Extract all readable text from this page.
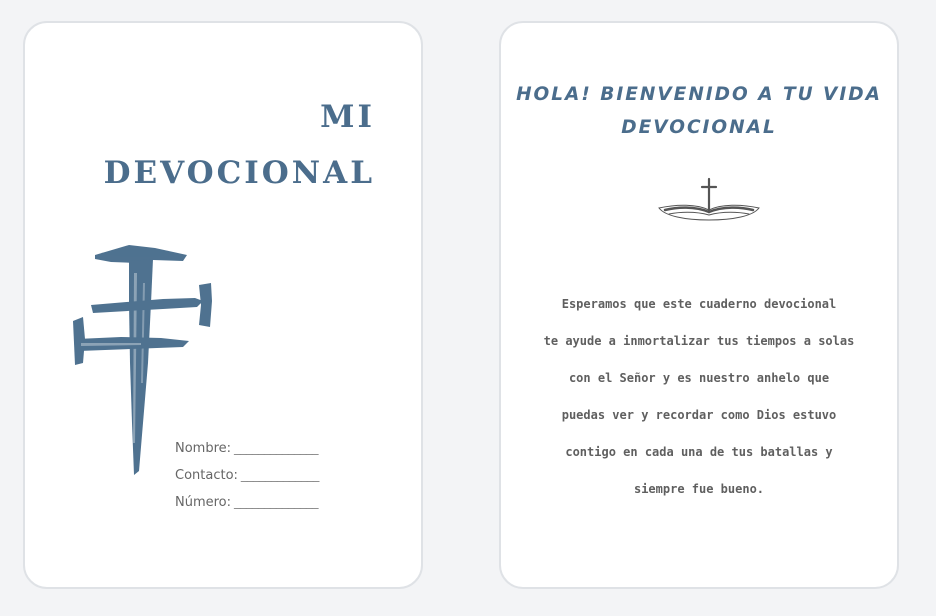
MI
DEVOCIONAL
Nombre: ______________
Contacto: _____________
Número: ______________
HOLA! BIENVENIDO A TU VIDA
DEVOCIONAL

Esperamos que este cuaderno devocional
te ayude a inmortalizar tus tiempos a solas
con el Señor y es nuestro anhelo que
puedas ver y recordar como Dios estuvo
contigo en cada una de tus batallas y
siempre fue bueno.
